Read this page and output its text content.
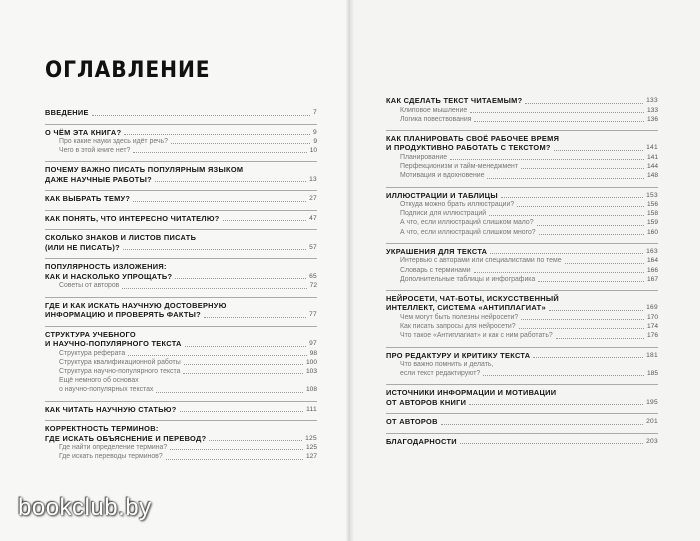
ОГЛАВЛЕНИЕ
ВВЕДЕНИЕ	7
О ЧЁМ ЭТА КНИГА?	9
Про какие науки здесь идёт речь?	9
Чего в этой книге нет?	10
ПОЧЕМУ ВАЖНО ПИСАТЬ ПОПУЛЯРНЫМ ЯЗЫКОМ
ДАЖЕ НАУЧНЫЕ РАБОТЫ?	13
КАК ВЫБРАТЬ ТЕМУ?	27
КАК ПОНЯТЬ, ЧТО ИНТЕРЕСНО ЧИТАТЕЛЮ?	47
СКОЛЬКО ЗНАКОВ И ЛИСТОВ ПИСАТЬ
(ИЛИ НЕ ПИСАТЬ)?	57
ПОПУЛЯРНОСТЬ ИЗЛОЖЕНИЯ:
КАК И НАСКОЛЬКО УПРОЩАТЬ?	65
Советы от авторов	72
ГДЕ И КАК ИСКАТЬ НАУЧНУЮ ДОСТОВЕРНУЮ
ИНФОРМАЦИЮ И ПРОВЕРЯТЬ ФАКТЫ?	77
СТРУКТУРА УЧЕБНОГО
И НАУЧНО-ПОПУЛЯРНОГО ТЕКСТА	97
Структура реферата	98
Структура квалификационной работы	100
Структура научно-популярного текста	103
Ещё немного об основах
о научно-популярных текстах	108
КАК ЧИТАТЬ НАУЧНУЮ СТАТЬЮ?	111
КОРРЕКТНОСТЬ ТЕРМИНОВ:
ГДЕ ИСКАТЬ ОБЪЯСНЕНИЕ И ПЕРЕВОД?	125
Где найти определение термина?	125
Где искать переводы терминов?	127
КАК СДЕЛАТЬ ТЕКСТ ЧИТАЕМЫМ?	133
Клиповое мышление	133
Логика повествования	136
КАК ПЛАНИРОВАТЬ СВОЁ РАБОЧЕЕ ВРЕМЯ
И ПРОДУКТИВНО РАБОТАТЬ С ТЕКСТОМ?	141
Планирование	141
Перфекционизм и тайм-менеджмент	144
Мотивация и вдохновение	148
ИЛЛЮСТРАЦИИ И ТАБЛИЦЫ	153
Откуда можно брать иллюстрации?	156
Подписи для иллюстраций	158
А что, если иллюстраций слишком мало?	159
А что, если иллюстраций слишком много?	160
УКРАШЕНИЯ ДЛЯ ТЕКСТА	163
Интервью с авторами или специалистами по теме	164
Словарь с терминами	166
Дополнительные таблицы и инфографика	167
НЕЙРОСЕТИ, ЧАТ-БОТЫ, ИСКУССТВЕННЫЙ
ИНТЕЛЛЕКТ, СИСТЕМА «АНТИПЛАГИАТ»	169
Чем могут быть полезны нейросети?	170
Как писать запросы для нейросети?	174
Что такое «Антиплагиат» и как с ним работать?	176
ПРО РЕДАКТУРУ И КРИТИКУ ТЕКСТА	181
Что важно помнить и делать,
если текст редактируют?	185
ИСТОЧНИКИ ИНФОРМАЦИИ И МОТИВАЦИИ
ОТ АВТОРОВ КНИГИ	195
ОТ АВТОРОВ	201
БЛАГОДАРНОСТИ	203
bookclub.by
